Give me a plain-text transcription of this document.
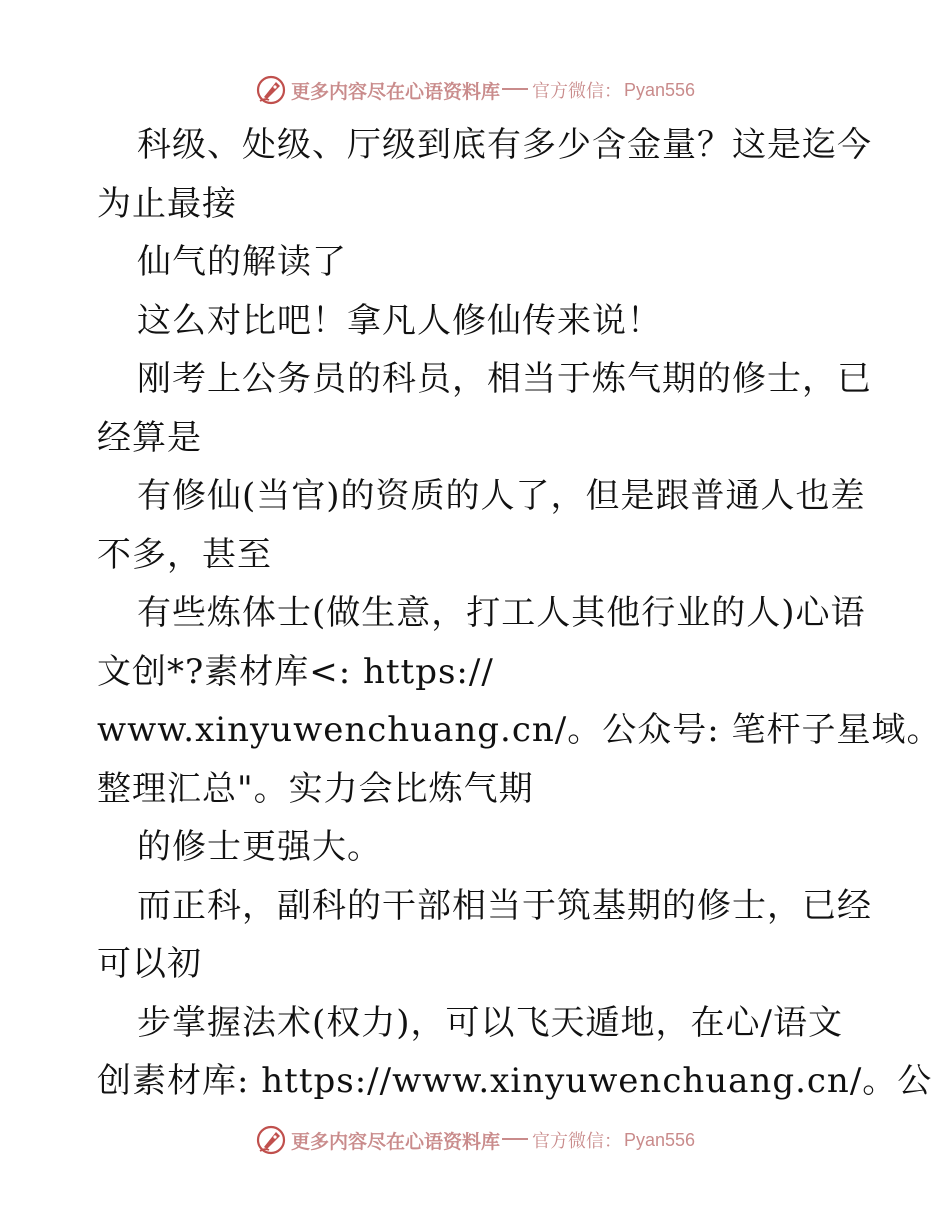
更多内容尽在心语资料库 官方微信： Pyan556
科级、处级、厅级到底有多少含金量？这是迄今
为止最接
仙气的解读了
这么对比吧！拿凡人修仙传来说！
刚考上公务员的科员，相当于炼气期的修士，已
经算是
有修仙(当官)的资质的人了，但是跟普通人也差
不多，甚至
有些炼体士(做生意，打工人其他行业的人)心语
文创*?素材库<: https://
www.xinyuwenchuang.cn/。公众号: 笔杆子星域。
整理汇总"。实力会比炼气期
的修士更强大。
而正科，副科的干部相当于筑基期的修士，已经
可以初
步掌握法术(权力)，可以飞天遁地，在心/语文
创素材库: https://www.xinyuwenchuang.cn/。公
更多内容尽在心语资料库 官方微信： Pyan556
